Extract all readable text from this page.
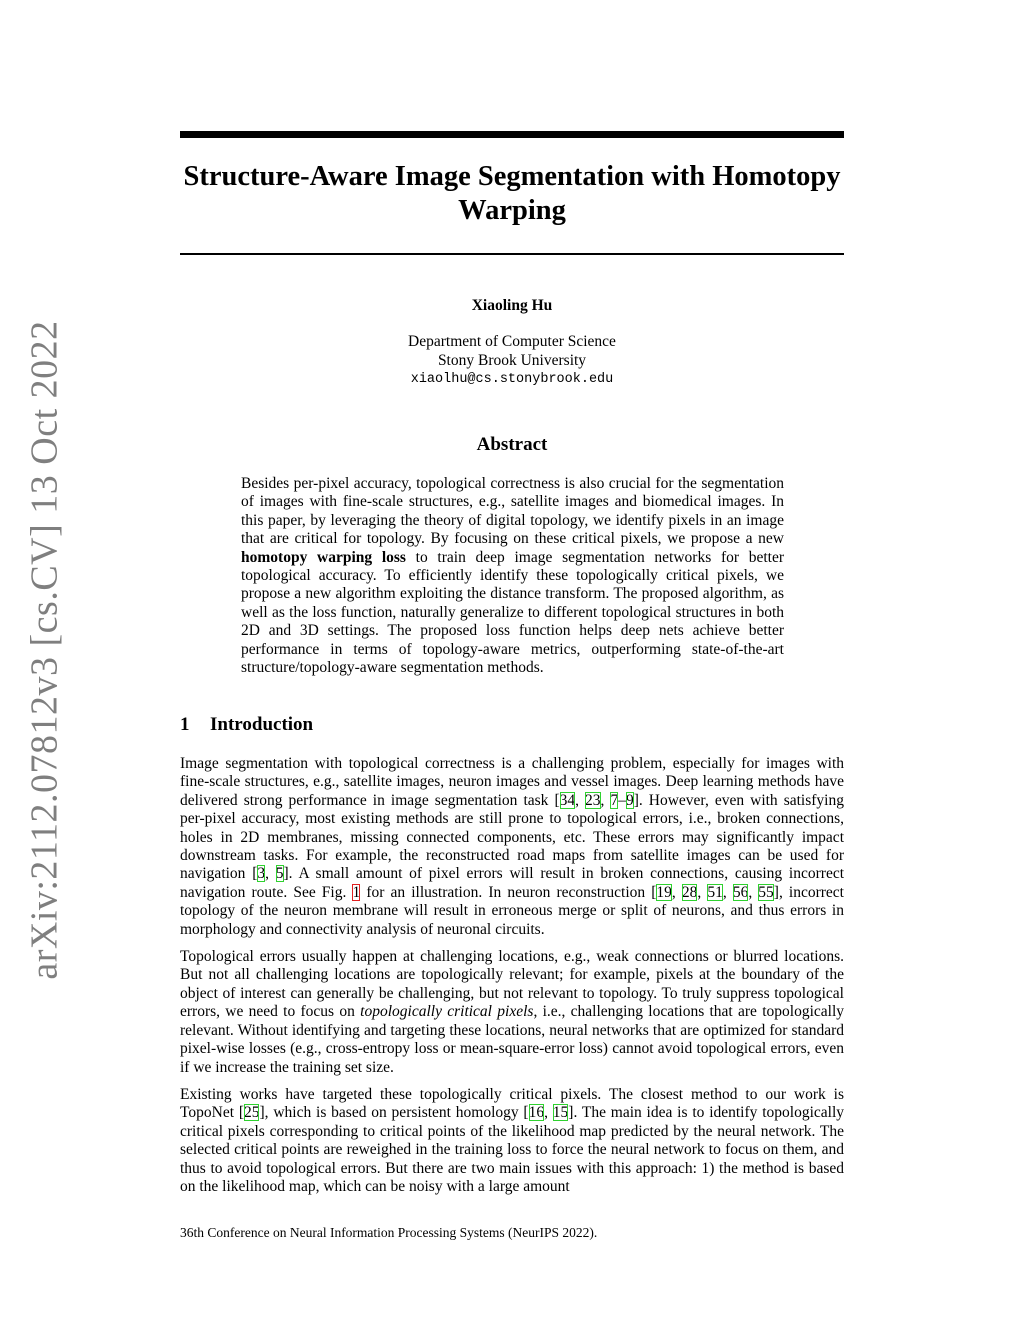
arXiv:2112.07812v3 [cs.CV] 13 Oct 2022
Structure-Aware Image Segmentation with Homotopy Warping
Xiaoling Hu
Department of Computer Science
Stony Brook University
xiaolhu@cs.stonybrook.edu
Abstract

Besides per-pixel accuracy, topological correctness is also crucial for the segmentation of images with fine-scale structures, e.g., satellite images and biomedical images. In this paper, by leveraging the theory of digital topology, we identify pixels in an image that are critical for topology. By focusing on these critical pixels, we propose a new homotopy warping loss to train deep image segmentation networks for better topological accuracy. To efficiently identify these topologically critical pixels, we propose a new algorithm exploiting the distance transform. The proposed algorithm, as well as the loss function, naturally generalize to different topological structures in both 2D and 3D settings. The proposed loss function helps deep nets achieve better performance in terms of topology-aware metrics, outperforming state-of-the-art structure/topology-aware segmentation methods.

1 Introduction

Image segmentation with topological correctness is a challenging problem, especially for images with fine-scale structures, e.g., satellite images, neuron images and vessel images. Deep learning methods have delivered strong performance in image segmentation task [34, 23, 7–9]. However, even with satisfying per-pixel accuracy, most existing methods are still prone to topological errors, i.e., broken connections, holes in 2D membranes, missing connected components, etc. These errors may significantly impact downstream tasks. For example, the reconstructed road maps from satellite images can be used for navigation [3, 5]. A small amount of pixel errors will result in broken connections, causing incorrect navigation route. See Fig. 1 for an illustration. In neuron reconstruction [19, 28, 51, 56, 55], incorrect topology of the neuron membrane will result in erroneous merge or split of neurons, and thus errors in morphology and connectivity analysis of neuronal circuits.

Topological errors usually happen at challenging locations, e.g., weak connections or blurred locations. But not all challenging locations are topologically relevant; for example, pixels at the boundary of the object of interest can generally be challenging, but not relevant to topology. To truly suppress topological errors, we need to focus on topologically critical pixels, i.e., challenging locations that are topologically relevant. Without identifying and targeting these locations, neural networks that are optimized for standard pixel-wise losses (e.g., cross-entropy loss or mean-square-error loss) cannot avoid topological errors, even if we increase the training set size.

Existing works have targeted these topologically critical pixels. The closest method to our work is TopoNet [25], which is based on persistent homology [16, 15]. The main idea is to identify topologically critical pixels corresponding to critical points of the likelihood map predicted by the neural network. The selected critical points are reweighed in the training loss to force the neural network to focus on them, and thus to avoid topological errors. But there are two main issues with this approach: 1) the method is based on the likelihood map, which can be noisy with a large amount

36th Conference on Neural Information Processing Systems (NeurIPS 2022).
